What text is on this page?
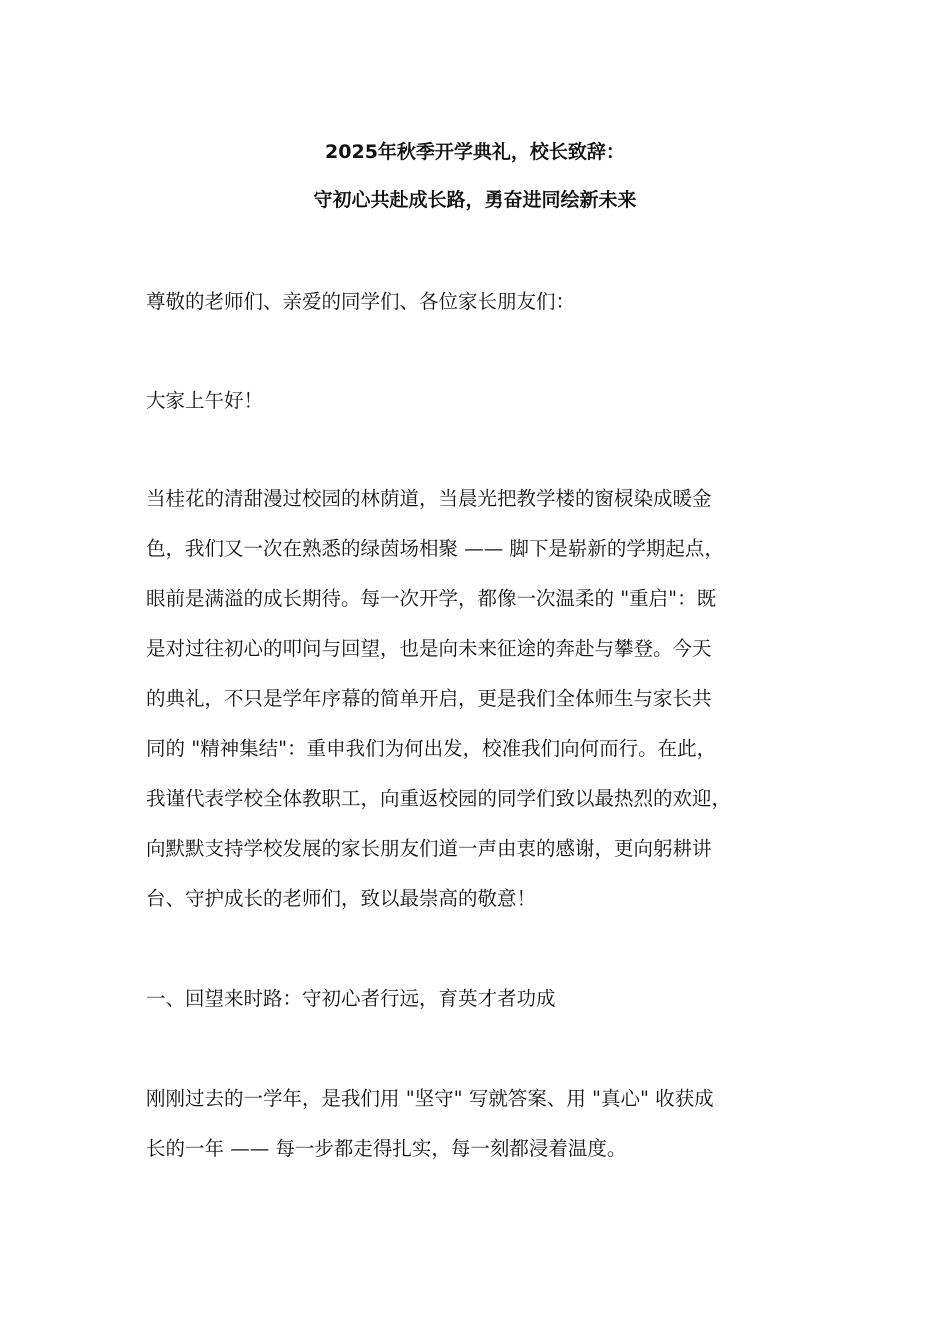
2025年秋季开学典礼，校长致辞：
守初心共赴成长路，勇奋进同绘新未来
尊敬的老师们、亲爱的同学们、各位家长朋友们：
大家上午好！
当桂花的清甜漫过校园的林荫道，当晨光把教学楼的窗棂染成暖金
色，我们又一次在熟悉的绿茵场相聚 —— 脚下是崭新的学期起点，
眼前是满溢的成长期待。每一次开学，都像一次温柔的 "重启"：既
是对过往初心的叩问与回望，也是向未来征途的奔赴与攀登。今天
的典礼，不只是学年序幕的简单开启，更是我们全体师生与家长共
同的 "精神集结"：重申我们为何出发，校准我们向何而行。在此，
我谨代表学校全体教职工，向重返校园的同学们致以最热烈的欢迎，
向默默支持学校发展的家长朋友们道一声由衷的感谢，更向躬耕讲
台、守护成长的老师们，致以最崇高的敬意！
一、回望来时路：守初心者行远，育英才者功成
刚刚过去的一学年，是我们用 "坚守" 写就答案、用 "真心" 收获成
长的一年 —— 每一步都走得扎实，每一刻都浸着温度。
